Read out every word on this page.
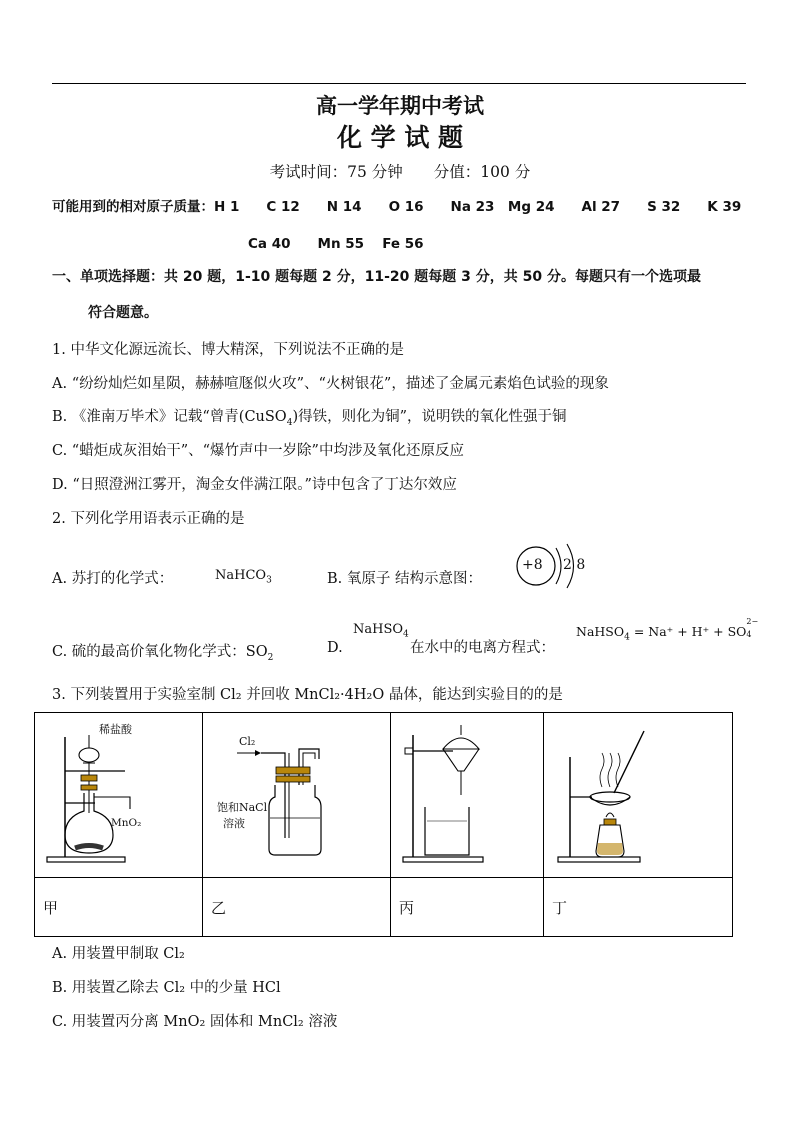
高一学年期中考试
化 学 试 题
考试时间：75 分钟　　分值：100 分
可能用到的相对原子质量：H 1　　C 12　　N 14　　O 16　　Na 23　Mg 24　　Al 27　　S 32　　K 39
Ca 40　　Mn 55　 Fe 56
一、单项选择题：共 20 题，1-10 题每题 2 分，11-20 题每题 3 分，共 50 分。每题只有一个选项最
符合题意。
1. 中华文化源远流长、博大精深，下列说法不正确的是
A. “纷纷灿烂如星陨，赫赫喧豗似火攻”、“火树银花”，描述了金属元素焰色试验的现象
B. 《淮南万毕术》记载“曾青(CuSO$_4$)得铁，则化为铜”，说明铁的氧化性强于铜
C. “蜡炬成灰泪始干”、“爆竹声中一岁除”中均涉及氧化还原反应
D. “日照澄洲江雾开，淘金女伴满江限。”诗中包含了丁达尔效应
2. 下列化学用语表示正确的是
A. 苏打的化学式：	NaHCO$_3$	B. 氧原子 结构示意图：
+8 2 8
C. 硫的最高价氧化物化学式：$SO_2$
D.
NaHSO$_4$
在水中的电离方程式：
NaHSO$_4$ = Na⁺ + H⁺ + SO
2−
4
3. 下列装置用于实验室制 Cl₂ 并回收 MnCl₂·4H₂O 晶体，能达到实验目的的是
稀盐酸
MnO₂	Cl₂
饱和NaCl
溶液

甲	乙	丙	丁
A. 用装置甲制取 Cl₂
B. 用装置乙除去 Cl₂ 中的少量 HCl
C. 用装置丙分离 MnO₂ 固体和 MnCl₂ 溶液
